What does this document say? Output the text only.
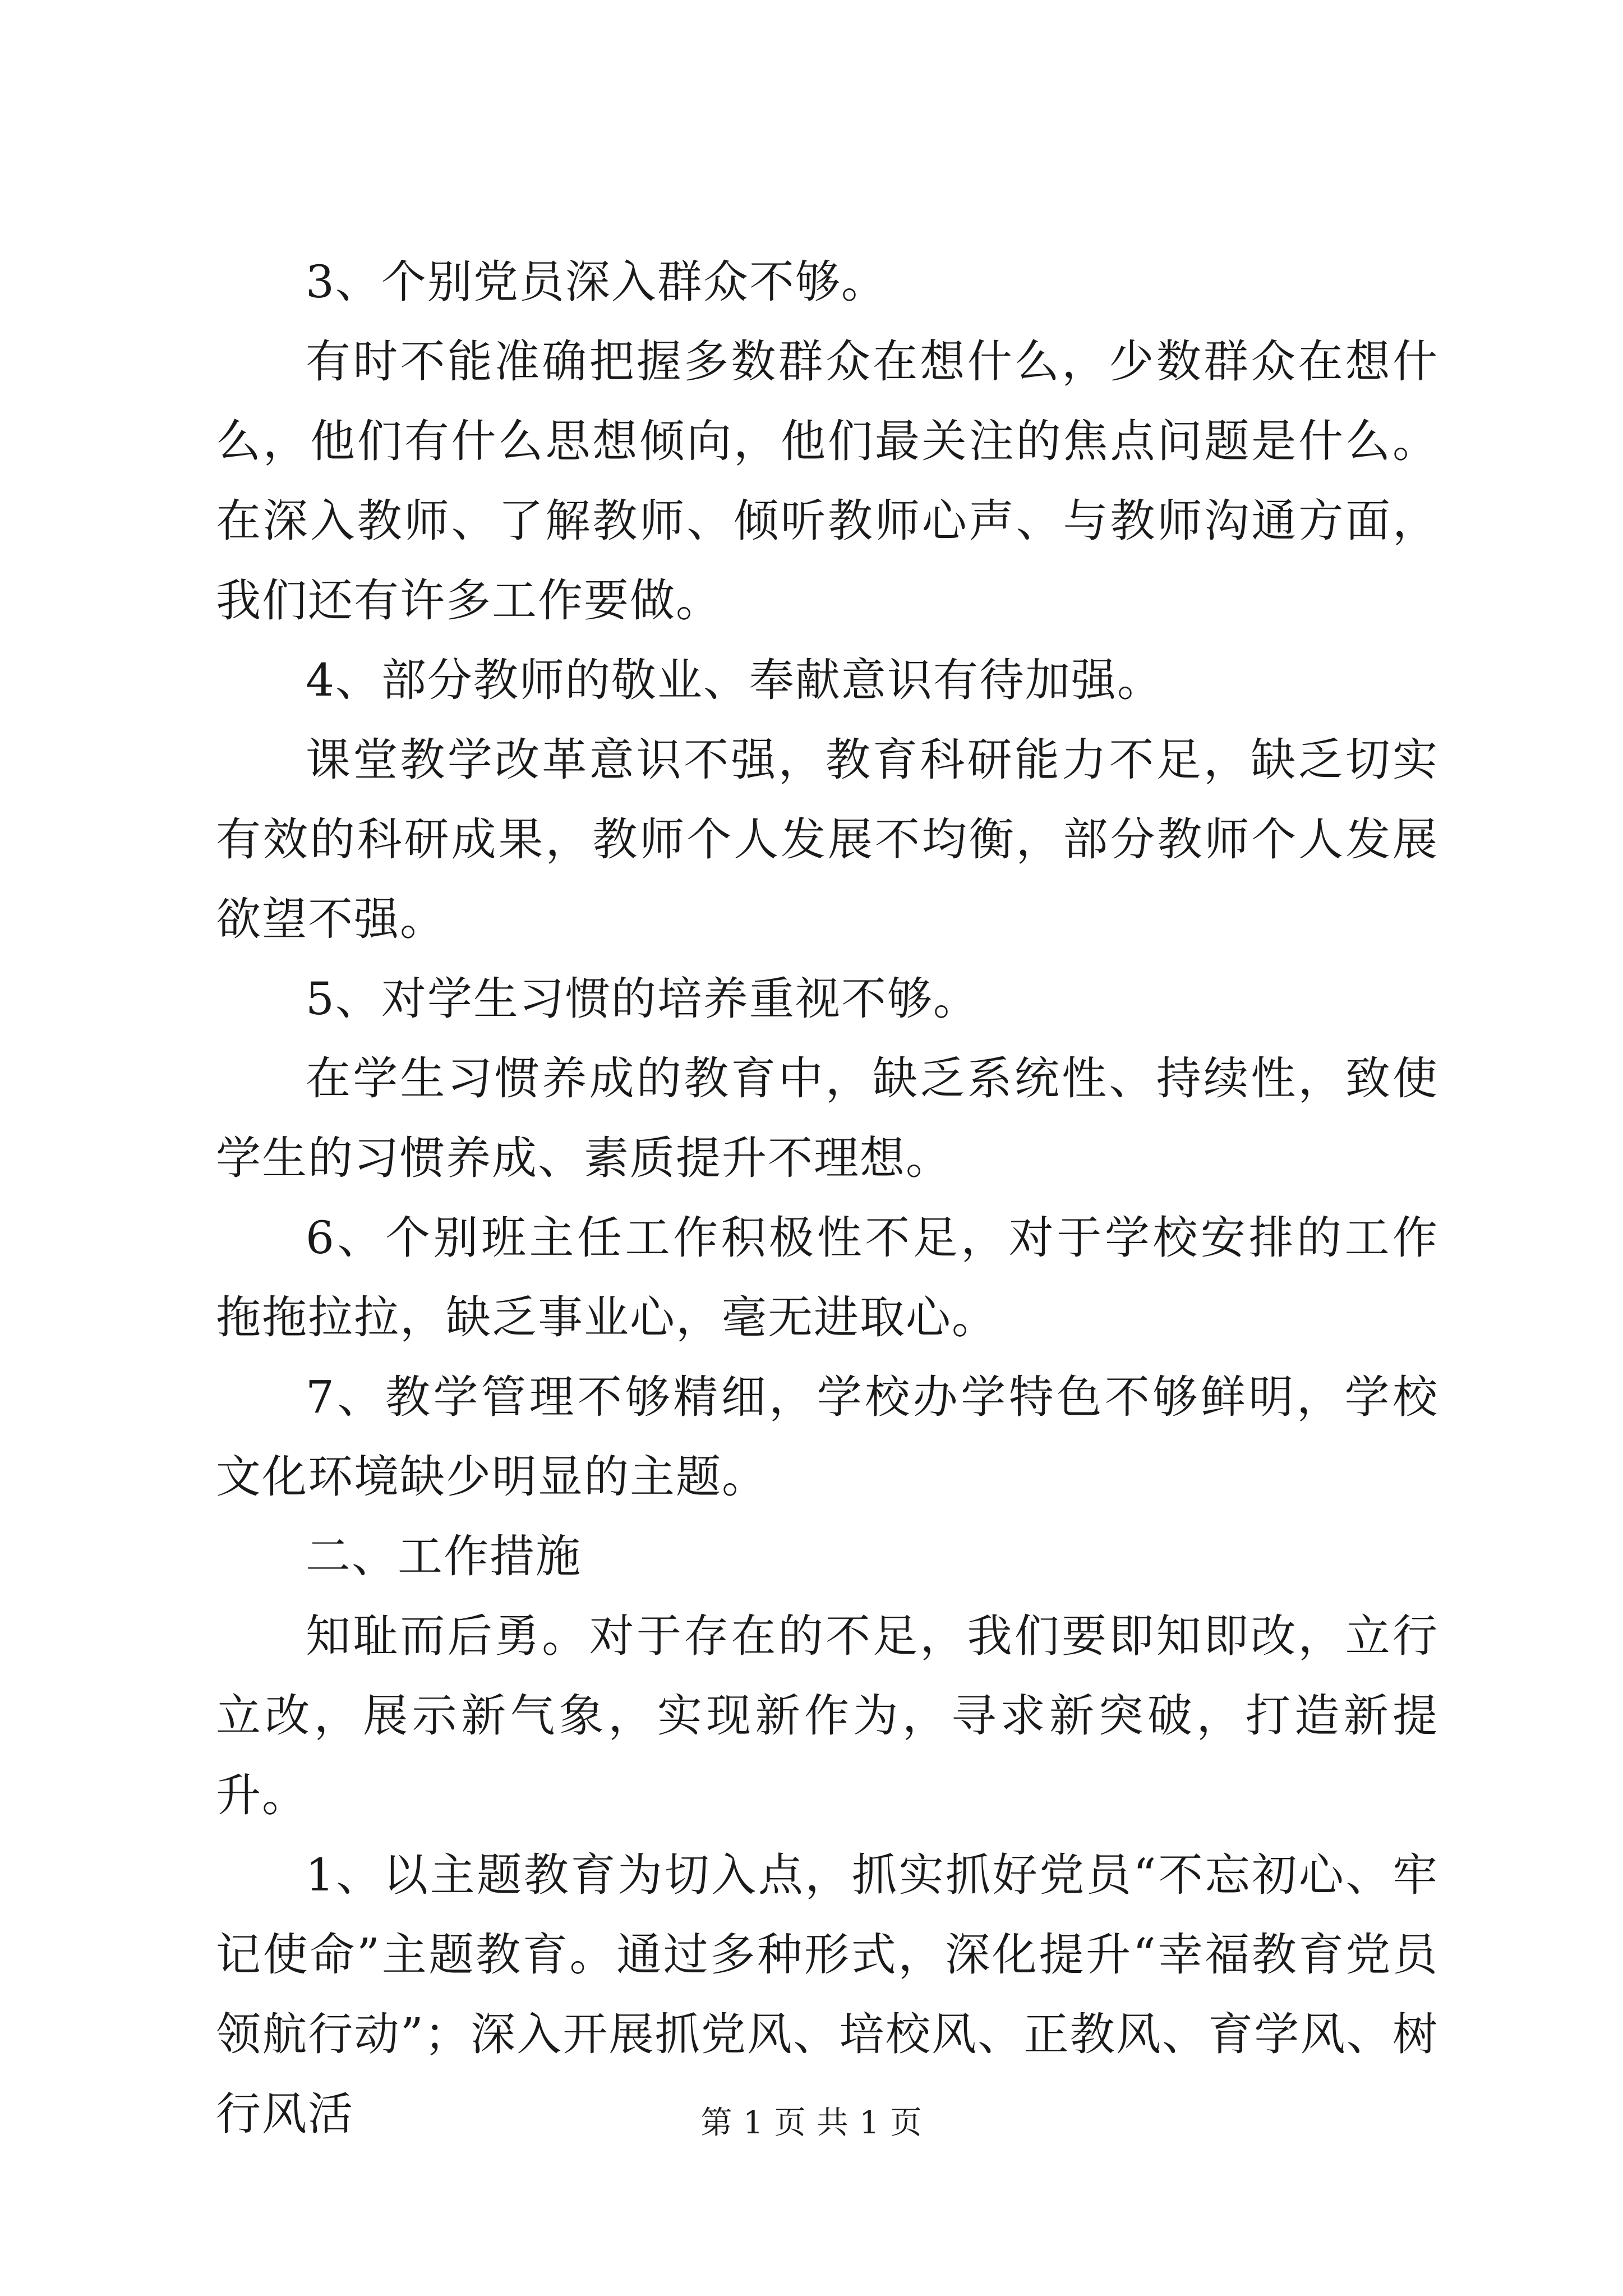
3、个别党员深入群众不够。

有时不能准确把握多数群众在想什么，少数群众在想什么，他们有什么思想倾向，他们最关注的焦点问题是什么。在深入教师、了解教师、倾听教师心声、与教师沟通方面，我们还有许多工作要做。

4、部分教师的敬业、奉献意识有待加强。

课堂教学改革意识不强，教育科研能力不足，缺乏切实有效的科研成果，教师个人发展不均衡，部分教师个人发展欲望不强。

5、对学生习惯的培养重视不够。

在学生习惯养成的教育中，缺乏系统性、持续性，致使学生的习惯养成、素质提升不理想。

6、个别班主任工作积极性不足，对于学校安排的工作拖拖拉拉，缺乏事业心，毫无进取心。

7、教学管理不够精细，学校办学特色不够鲜明，学校文化环境缺少明显的主题。

二、工作措施

知耻而后勇。对于存在的不足，我们要即知即改，立行立改，展示新气象，实现新作为，寻求新突破，打造新提升。

1、以主题教育为切入点，抓实抓好党员“不忘初心、牢记使命”主题教育。通过多种形式，深化提升“幸福教育党员领航行动”；深入开展抓党风、培校风、正教风、育学风、树行风活	第 1 页 共 1 页
